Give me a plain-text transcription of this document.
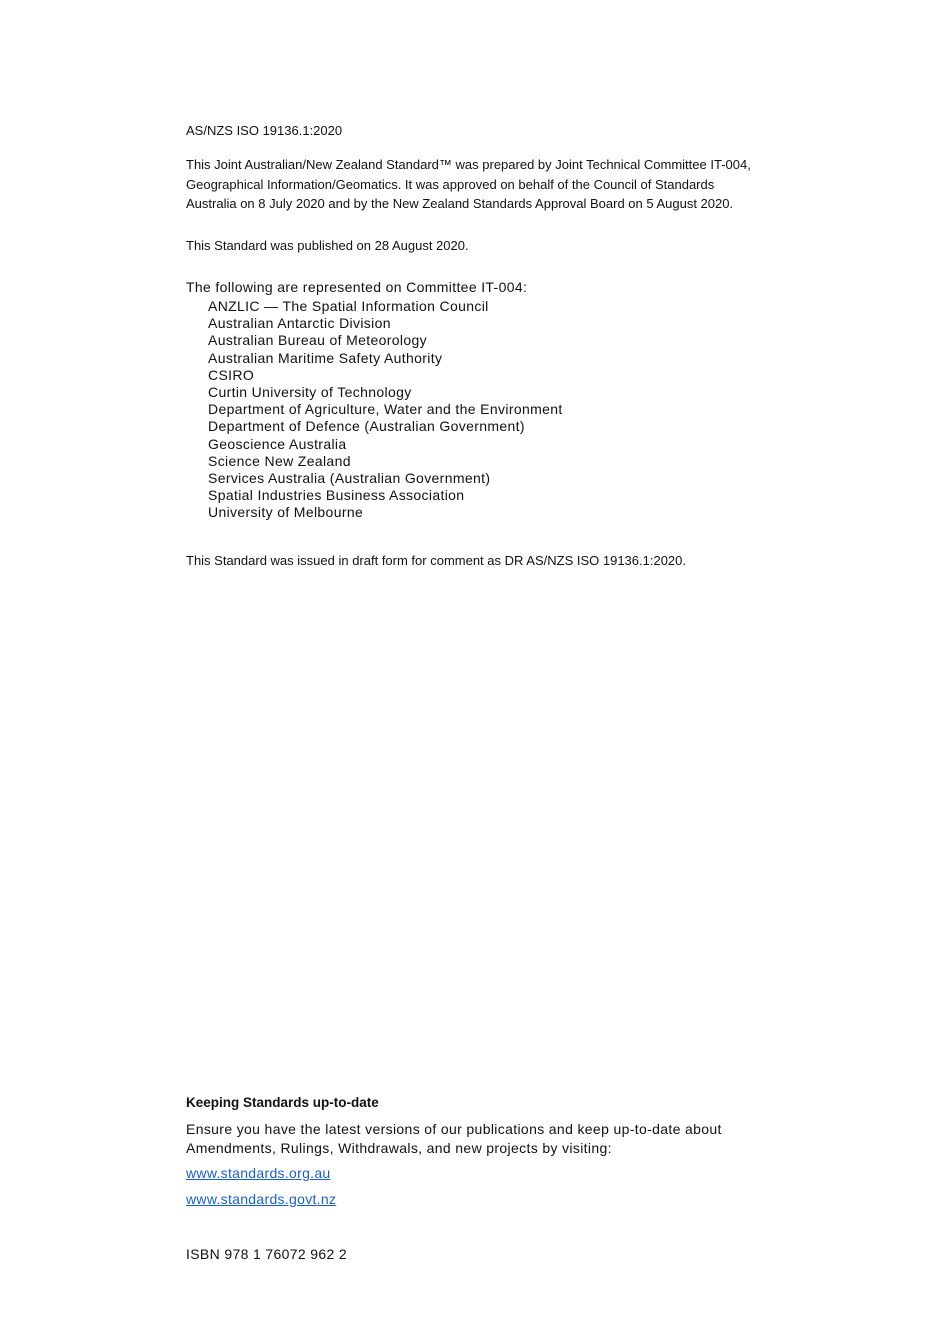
AS/NZS ISO 19136.1:2020

This Joint Australian/New Zealand Standard™ was prepared by Joint Technical Committee IT-004, Geographical Information/Geomatics. It was approved on behalf of the Council of Standards Australia on 8 July 2020 and by the New Zealand Standards Approval Board on 5 August 2020.

This Standard was published on 28 August 2020.

The following are represented on Committee IT-004:

ANZLIC — The Spatial Information Council
Australian Antarctic Division
Australian Bureau of Meteorology
Australian Maritime Safety Authority
CSIRO
Curtin University of Technology
Department of Agriculture, Water and the Environment
Department of Defence (Australian Government)
Geoscience Australia
Science New Zealand
Services Australia (Australian Government)
Spatial Industries Business Association
University of Melbourne

This Standard was issued in draft form for comment as DR AS/NZS ISO 19136.1:2020.

Keeping Standards up-to-date

Ensure you have the latest versions of our publications and keep up-to-date about Amendments, Rulings, Withdrawals, and new projects by visiting:

www.standards.org.au
www.standards.govt.nz

ISBN 978 1 76072 962 2
